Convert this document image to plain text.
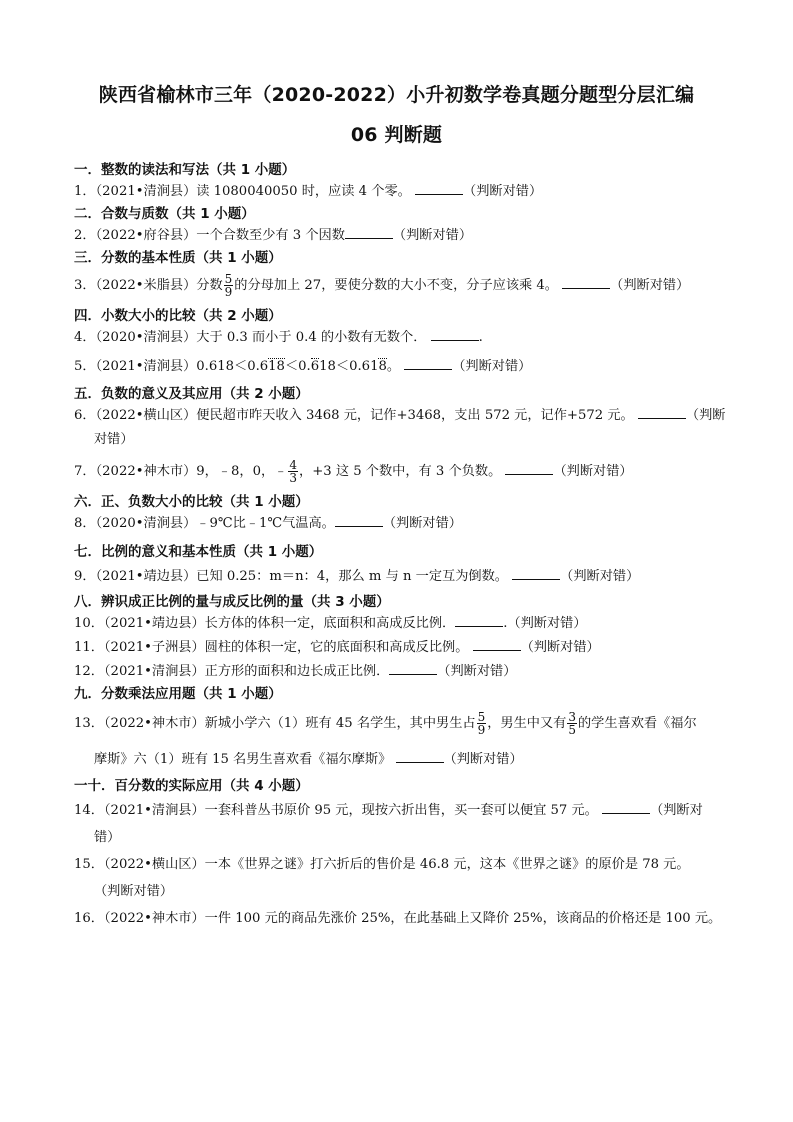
陕西省榆林市三年（2020-2022）小升初数学卷真题分题型分层汇编
06 判断题

一．整数的读法和写法（共 1 小题）

1．（2021•清涧县）读 1080040050 时，应读 4 个零。	（判断对错）

二．合数与质数（共 1 小题）

2．（2022•府谷县）一个合数至少有 3 个因数	（判断对错）

三．分数的基本性质（共 1 小题）

3．（2022•米脂县）分数 $\frac{5}{9}$ 的分母加上 27，要使分数的大小不变，分子应该乘 4。	（判断对错）

四．小数大小的比较（共 2 小题）

4．（2020•清涧县）大于 0.3 而小于 0.4 的小数有无数个．	.

5．（2021•清涧县）0.618＜0.618＜0.618＜0.618。	（判断对错）

五．负数的意义及其应用（共 2 小题）

6．（2022•横山区）便民超市昨天收入 3468 元，记作+3468，支出 572 元，记作+572 元。	（判断

对错）

7．（2022•神木市）9，﹣8，0，﹣ $\frac{4}{3}$ ，+3 这 5 个数中，有 3 个负数。	（判断对错）

六．正、负数大小的比较（共 1 小题）

8．（2020•清涧县）﹣9℃比﹣1℃气温高。	（判断对错）

七．比例的意义和基本性质（共 1 小题）

9．（2021•靖边县）已知 0.25：m＝n：4，那么 m 与 n 一定互为倒数。	（判断对错）

八．辨识成正比例的量与成反比例的量（共 3 小题）

10．（2021•靖边县）长方体的体积一定，底面积和高成反比例．	.（判断对错）

11．（2021•子洲县）圆柱的体积一定，它的底面积和高成反比例。	（判断对错）

12．（2021•清涧县）正方形的面积和边长成正比例．	（判断对错）

九．分数乘法应用题（共 1 小题）

13．（2022•神木市）新城小学六（1）班有 45 名学生，其中男生占 $\frac{5}{9}$ ，男生中又有 $\frac{3}{5}$ 的学生喜欢看《福尔

摩斯》六（1）班有 15 名男生喜欢看《福尔摩斯》	（判断对错）

一十．百分数的实际应用（共 4 小题）

14．（2021•清涧县）一套科普丛书原价 95 元，现按六折出售，买一套可以便宜 57 元。	（判断对

错）

15．（2022•横山区）一本《世界之谜》打六折后的售价是 46.8 元，这本《世界之谜》的原价是 78 元。

（判断对错）

16．（2022•神木市）一件 100 元的商品先涨价 25%，在此基础上又降价 25%，该商品的价格还是 100 元。
